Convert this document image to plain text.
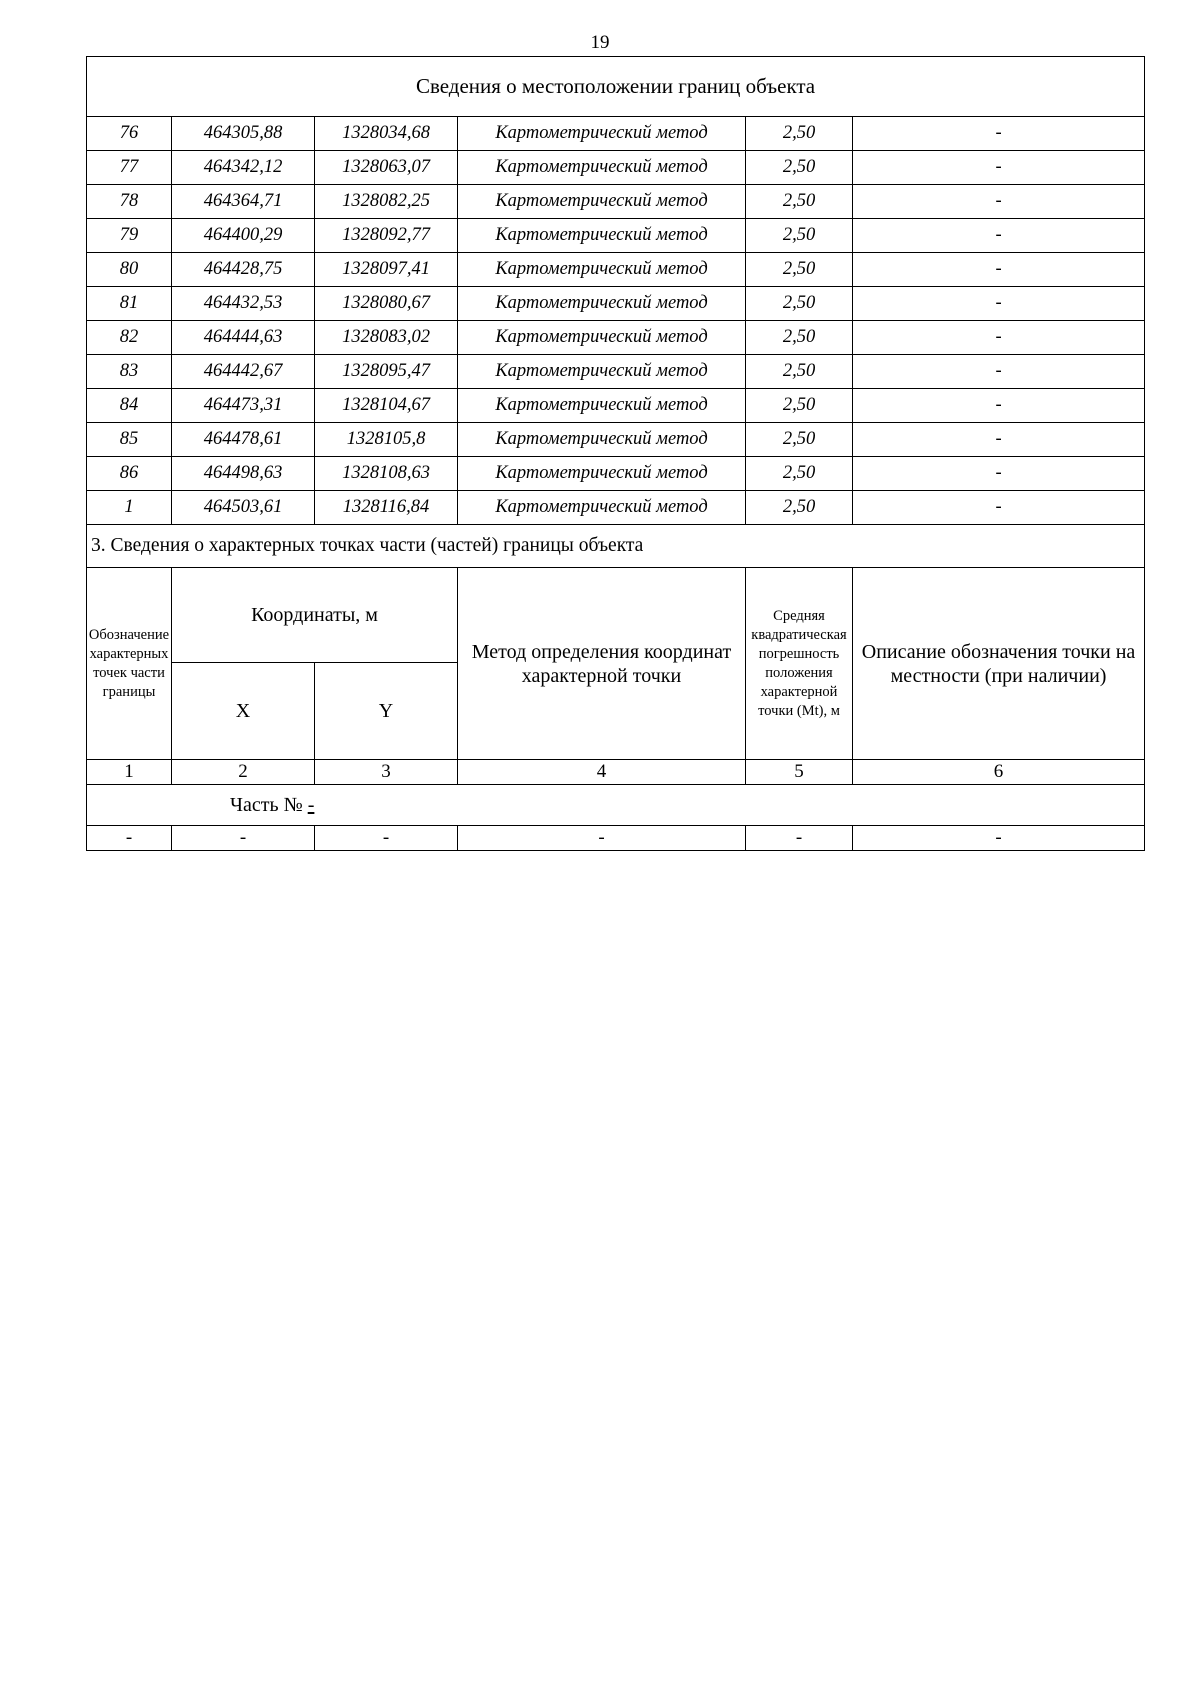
19
Сведения о местоположении границ объекта					
76	464305,88	1328034,68	Картометрический метод	2,50	-
77	464342,12	1328063,07	Картометрический метод	2,50	-
78	464364,71	1328082,25	Картометрический метод	2,50	-
79	464400,29	1328092,77	Картометрический метод	2,50	-
80	464428,75	1328097,41	Картометрический метод	2,50	-
81	464432,53	1328080,67	Картометрический метод	2,50	-
82	464444,63	1328083,02	Картометрический метод	2,50	-
83	464442,67	1328095,47	Картометрический метод	2,50	-
84	464473,31	1328104,67	Картометрический метод	2,50	-
85	464478,61	1328105,8	Картометрический метод	2,50	-
86	464498,63	1328108,63	Картометрический метод	2,50	-
1	464503,61	1328116,84	Картометрический метод	2,50	-
3. Сведения о характерных точках части (частей) границы объекта					
Обозначение характерных точек части границы	Координаты, м		Метод определения координат характерной точки	Средняя квадратическая погрешность положения характерной точки (Mt), м	Описание обозначения точки на местности (при наличии)
	X	Y			
1	2	3	4	5	6
Часть № -					
-	-	-	-	-	-
